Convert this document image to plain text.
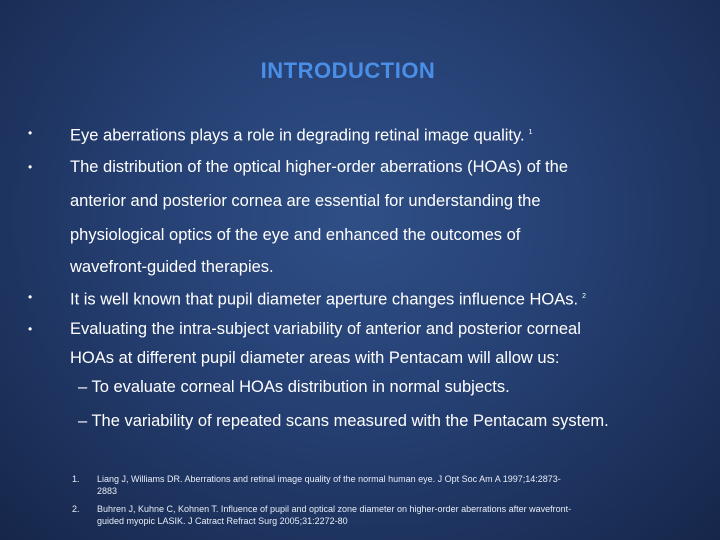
INTRODUCTION
• Eye aberrations plays a role in degrading retinal image quality. $^1$
• The distribution of the optical higher-order aberrations (HOAs) of the
anterior and posterior cornea are essential for understanding the
physiological optics of the eye and enhanced the outcomes of
wavefront-guided therapies.
• It is well known that pupil diameter aperture changes influence HOAs. $^2$
• Evaluating the intra-subject variability of anterior and posterior corneal
HOAs at different pupil diameter areas with Pentacam will allow us:
– To evaluate corneal HOAs distribution in normal subjects.
– The variability of repeated scans measured with the Pentacam system.
1. Liang J, Williams DR. Aberrations and retinal image quality of the normal human eye. J Opt Soc Am A 1997;14:2873-
2883
2. Buhren J, Kuhne C, Kohnen T. Influence of pupil and optical zone diameter on higher-order aberrations after wavefront-
guided myopic LASIK. J Catract Refract Surg 2005;31:2272-80
